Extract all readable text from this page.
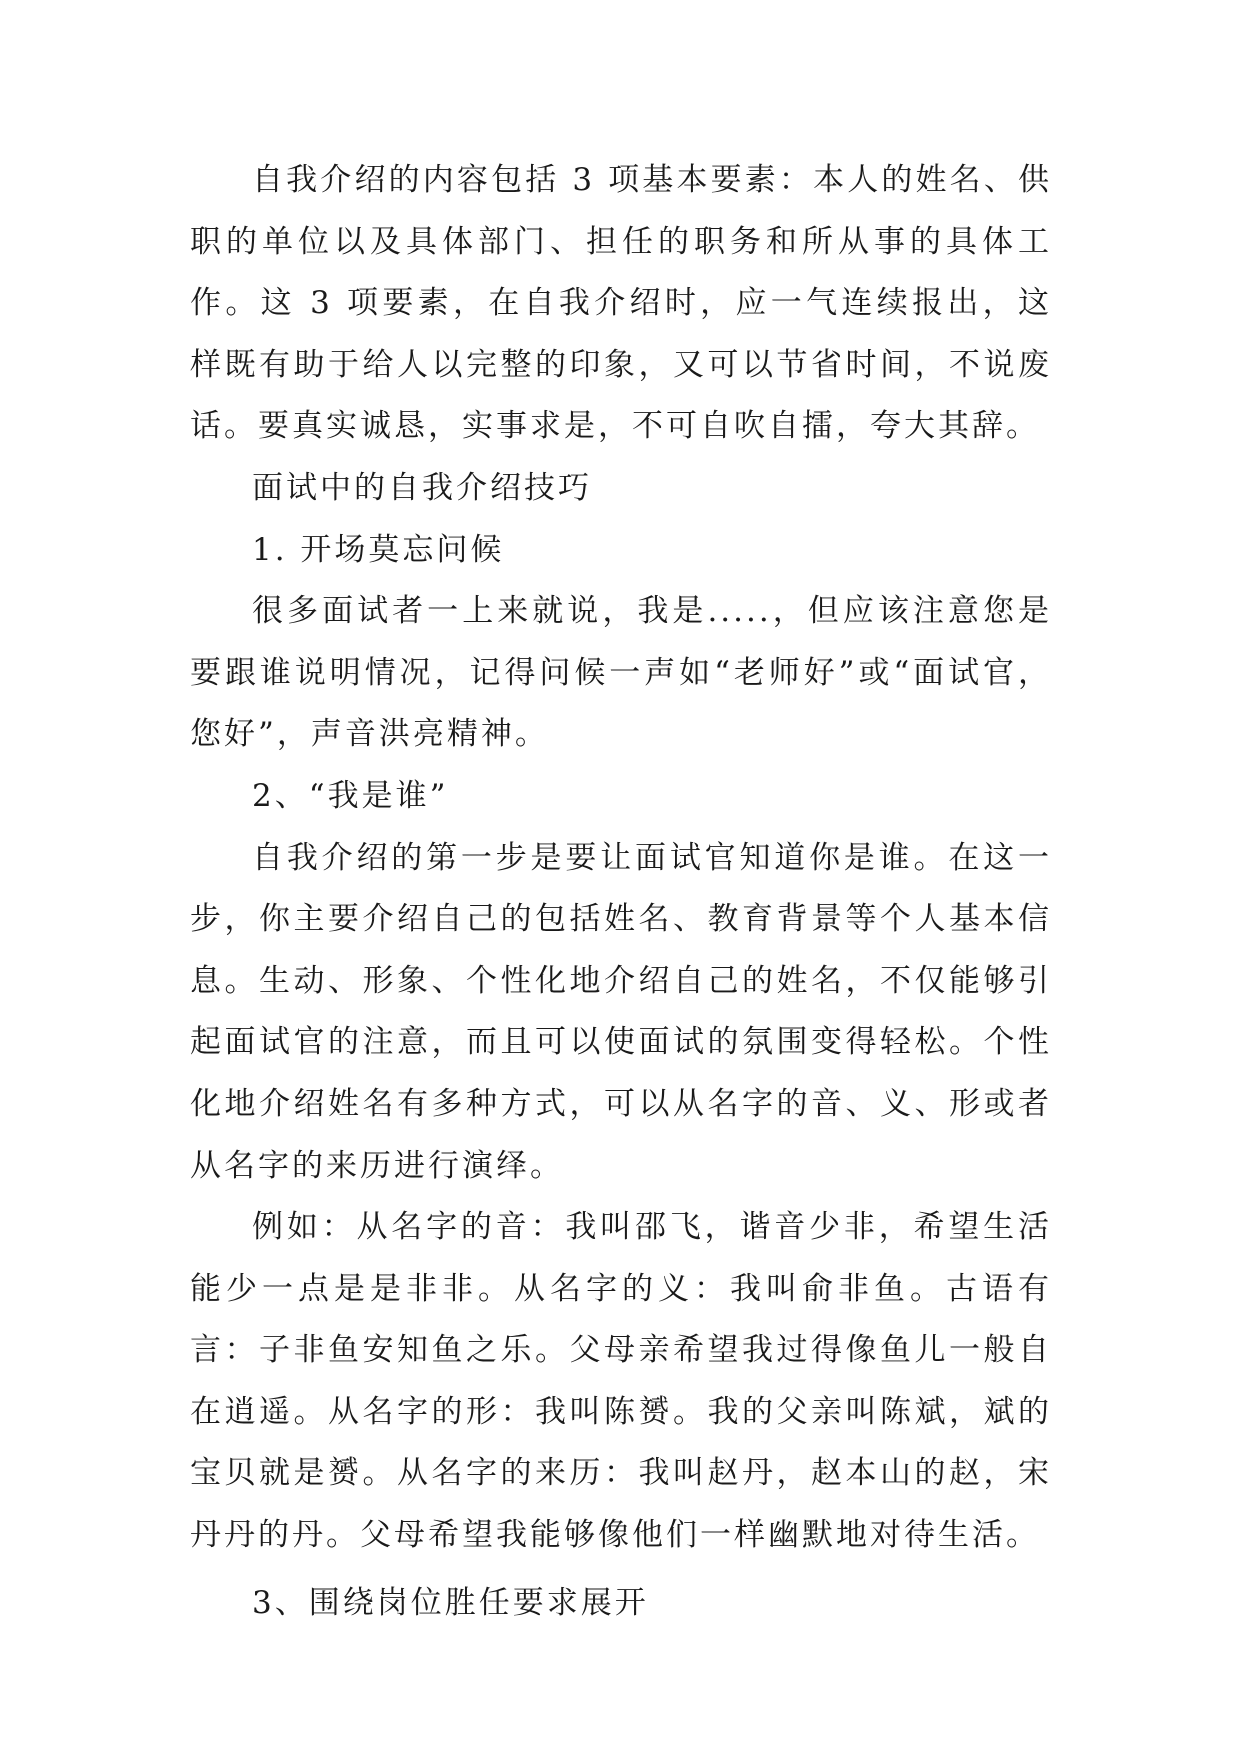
自我介绍的内容包括 3 项基本要素：本人的姓名、供职的单位以及具体部门、担任的职务和所从事的具体工作。这 3 项要素，在自我介绍时，应一气连续报出，这样既有助于给人以完整的印象，又可以节省时间，不说废话。要真实诚恳，实事求是，不可自吹自擂，夸大其辞。

面试中的自我介绍技巧

1. 开场莫忘问候

很多面试者一上来就说，我是.....，但应该注意您是要跟谁说明情况，记得问候一声如“老师好”或“面试官，您好”，声音洪亮精神。

2、“我是谁”

自我介绍的第一步是要让面试官知道你是谁。在这一步，你主要介绍自己的包括姓名、教育背景等个人基本信息。生动、形象、个性化地介绍自己的姓名，不仅能够引起面试官的注意，而且可以使面试的氛围变得轻松。个性化地介绍姓名有多种方式，可以从名字的音、义、形或者从名字的来历进行演绎。

例如：从名字的音：我叫邵飞，谐音少非，希望生活能少一点是是非非。从名字的义：我叫俞非鱼。古语有言：子非鱼安知鱼之乐。父母亲希望我过得像鱼儿一般自在逍遥。从名字的形：我叫陈赟。我的父亲叫陈斌，斌的宝贝就是赟。从名字的来历：我叫赵丹，赵本山的赵，宋丹丹的丹。父母希望我能够像他们一样幽默地对待生活。

3、围绕岗位胜任要求展开
